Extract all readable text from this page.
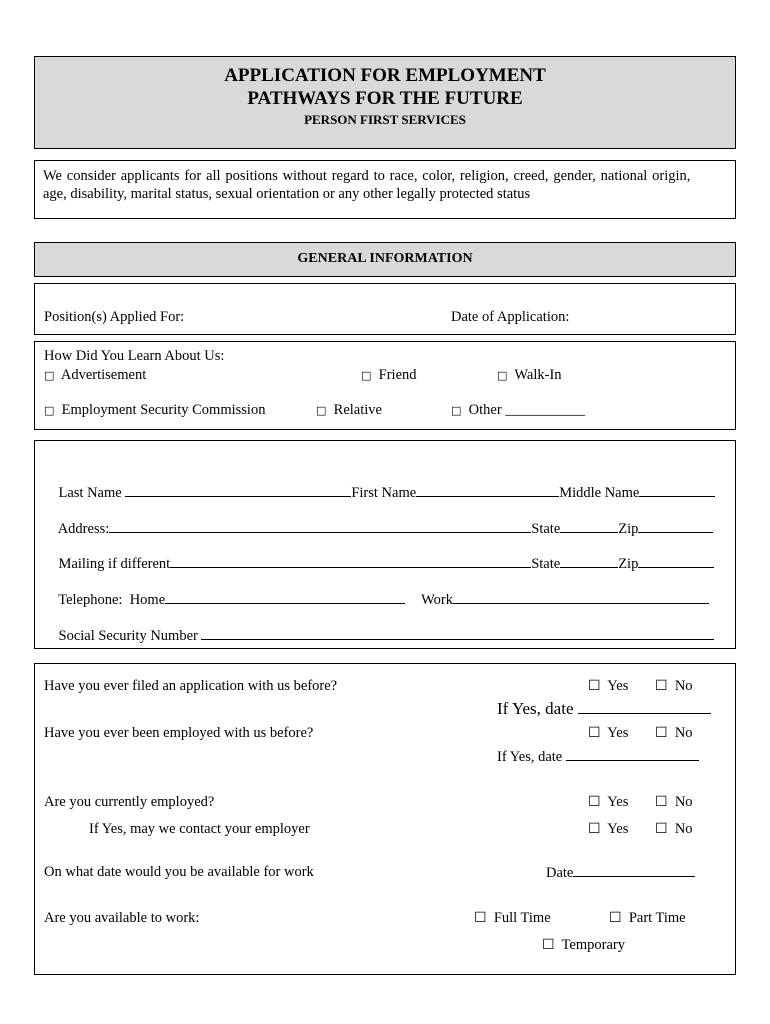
APPLICATION FOR EMPLOYMENT
PATHWAYS FOR THE FUTURE
PERSON FIRST SERVICES
We consider applicants for all positions without regard to race, color, religion, creed, gender, national origin,
age, disability, marital status, sexual orientation or any other legally protected status
GENERAL INFORMATION
Position(s) Applied For:	Date of Application:
How Did You Learn About Us:
□ Advertisement	□ Friend	□ Walk-In
□ Employment Security Commission	□ Relative	□ Other ___________

Last Name	First Name	Middle Name

Address:	State	Zip

Mailing if different	State	Zip

Telephone:  Home	Work

Social Security Number

Have you ever filed an application with us before?	☐ Yes ☐ No
If Yes, date
Have you ever been employed with us before?	☐ Yes ☐ No
If Yes, date
Are you currently employed?	☐ Yes ☐ No
If Yes, may we contact your employer	☐ Yes ☐ No
On what date would you be available for work	Date
Are you available to work:	☐ Full Time	☐ Part Time
☐ Temporary
